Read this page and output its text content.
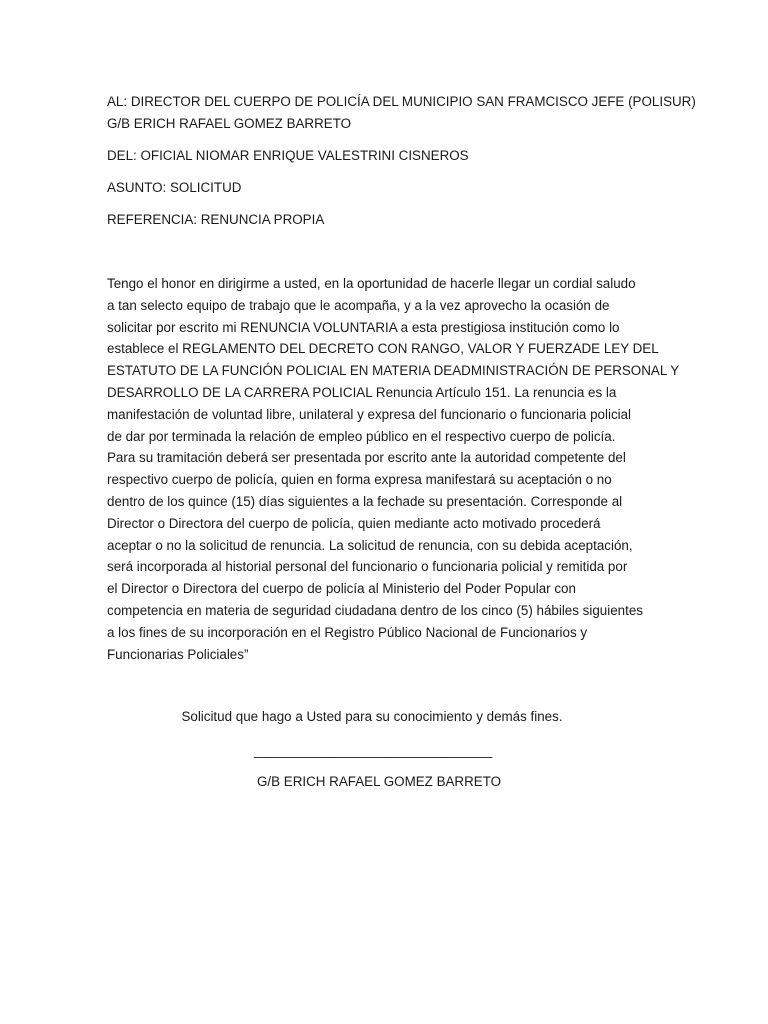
AL: DIRECTOR DEL CUERPO DE POLICÍA DEL MUNICIPIO SAN FRAMCISCO JEFE (POLISUR)
G/B ERICH RAFAEL GOMEZ BARRETO

DEL: OFICIAL NIOMAR ENRIQUE VALESTRINI CISNEROS

ASUNTO: SOLICITUD

REFERENCIA: RENUNCIA PROPIA

Tengo el honor en dirigirme a usted, en la oportunidad de hacerle llegar un cordial saludo
a tan selecto equipo de trabajo que le acompaña, y a la vez aprovecho la ocasión de
solicitar por escrito mi RENUNCIA VOLUNTARIA a esta prestigiosa institución como lo
establece el REGLAMENTO DEL DECRETO CON RANGO, VALOR Y FUERZADE LEY DEL
ESTATUTO DE LA FUNCIÓN POLICIAL EN MATERIA DEADMINISTRACIÓN DE PERSONAL Y
DESARROLLO DE LA CARRERA POLICIAL Renuncia Artículo 151. La renuncia es la
manifestación de voluntad libre, unilateral y expresa del funcionario o funcionaria policial
de dar por terminada la relación de empleo público en el respectivo cuerpo de policía.
Para su tramitación deberá ser presentada por escrito ante la autoridad competente del
respectivo cuerpo de policía, quien en forma expresa manifestará su aceptación o no
dentro de los quince (15) días siguientes a la fechade su presentación. Corresponde al
Director o Directora del cuerpo de policía, quien mediante acto motivado procederá
aceptar o no la solicitud de renuncia. La solicitud de renuncia, con su debida aceptación,
será incorporada al historial personal del funcionario o funcionaria policial y remitida por
el Director o Directora del cuerpo de policía al Ministerio del Poder Popular con
competencia en materia de seguridad ciudadana dentro de los cinco (5) hábiles siguientes
a los fines de su incorporación en el Registro Público Nacional de Funcionarios y
Funcionarias Policiales”
Solicitud que hago a Usted para su conocimiento y demás fines.
________________________________
G/B ERICH RAFAEL GOMEZ BARRETO
